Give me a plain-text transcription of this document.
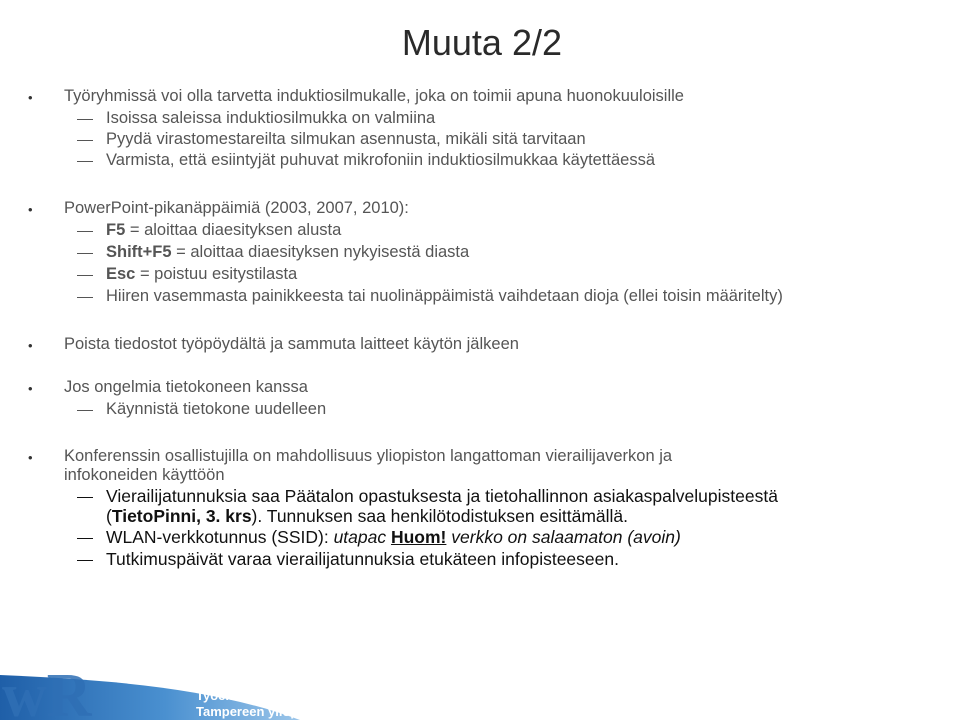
Muuta 2/2
• Työryhmissä voi olla tarvetta induktiosilmukalle, joka on toimii apuna huonokuuloisille
Isoissa saleissa induktiosilmukka on valmiina
Pyydä virastomestareilta silmukan asennusta, mikäli sitä tarvitaan
Varmista, että esiintyjät puhuvat mikrofoniin induktiosilmukkaa käytettäessä
• PowerPoint-pikanäppäimiä (2003, 2007, 2010):
F5 = aloittaa diaesityksen alusta
Shift+F5 = aloittaa diaesityksen nykyisestä diasta
Esc = poistuu esitystilasta
Hiiren vasemmasta painikkeesta tai nuolinäppäimistä vaihdetaan dioja (ellei toisin määritelty)
• Poista tiedostot työpöydältä ja sammuta laitteet käytön jälkeen
• Jos ongelmia tietokoneen kanssa
Käynnistä tietokone uudelleen
• Konferenssin osallistujilla on mahdollisuus yliopiston langattoman vierailijaverkon ja
infokoneiden käyttöön
Vierailijatunnuksia saa Päätalon opastuksesta ja tietohallinnon asiakaspalvelupisteestä
(TietoPinni, 3. krs). Tunnuksen saa henkilötodistuksen esittämällä.
WLAN-verkkotunnus (SSID): utapac Huom! verkko on salaamaton (avoin)
Tutkimuspäivät varaa vierailijatunnuksia etukäteen infopisteeseen.
wR	Työelämän tutkimuskeskus
Tampereen yliopisto
